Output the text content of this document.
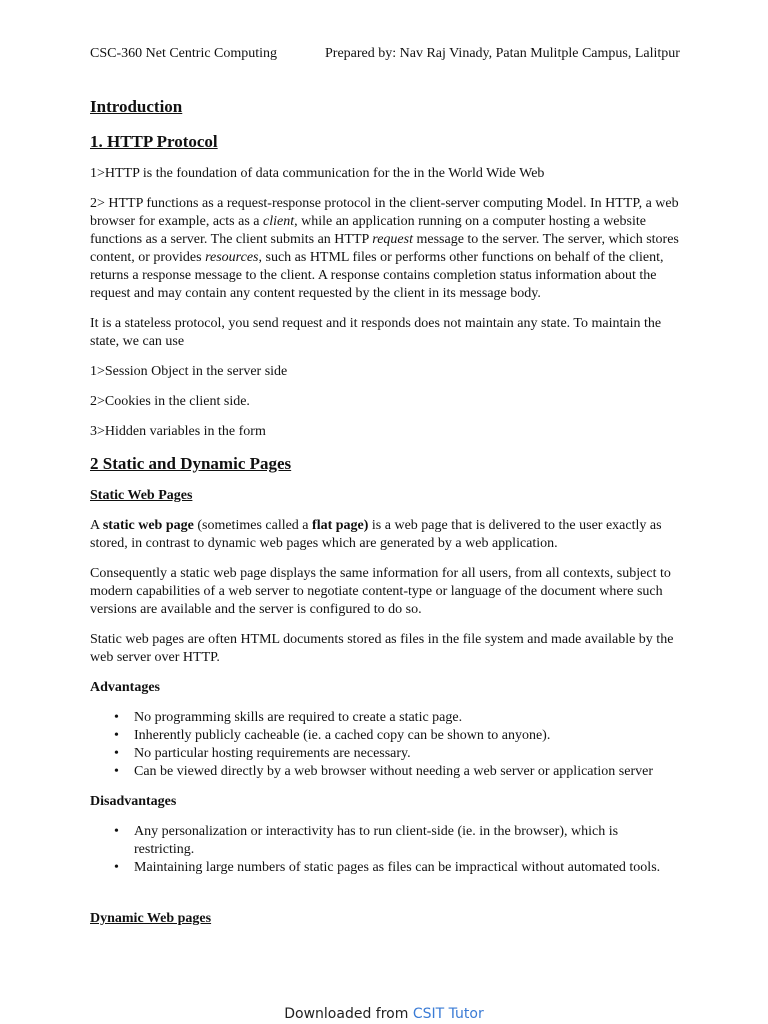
CSC-360 Net Centric Computing	Prepared by: Nav Raj Vinady, Patan Mulitple Campus, Lalitpur
Introduction
1. HTTP Protocol

1>HTTP is the foundation of data communication for the in the World Wide Web

2> HTTP functions as a request-response protocol in the client-server computing Model. In HTTP, a web browser for example, acts as a client, while an application running on a computer hosting a website functions as a server. The client submits an HTTP request message to the server. The server, which stores content, or provides resources, such as HTML files or performs other functions on behalf of the client, returns a response message to the client. A response contains completion status information about the request and may contain any content requested by the client in its message body.

It is a stateless protocol, you send request and it responds does not maintain any state. To maintain the state, we can use

1>Session Object in the server side

2>Cookies in the client side.

3>Hidden variables in the form

2 Static and Dynamic Pages
Static Web Pages

A static web page (sometimes called a flat page) is a web page that is delivered to the user exactly as stored, in contrast to dynamic web pages which are generated by a web application.

Consequently a static web page displays the same information for all users, from all contexts, subject to modern capabilities of a web server to negotiate content-type or language of the document where such versions are available and the server is configured to do so.

Static web pages are often HTML documents stored as files in the file system and made available by the web server over HTTP.

Advantages
• No programming skills are required to create a static page.
• Inherently publicly cacheable (ie. a cached copy can be shown to anyone).
• No particular hosting requirements are necessary.
• Can be viewed directly by a web browser without needing a web server or application server
Disadvantages
• Any personalization or interactivity has to run client-side (ie. in the browser), which is restricting.
• Maintaining large numbers of static pages as files can be impractical without automated tools.
Dynamic Web pages
Downloaded from CSIT Tutor
